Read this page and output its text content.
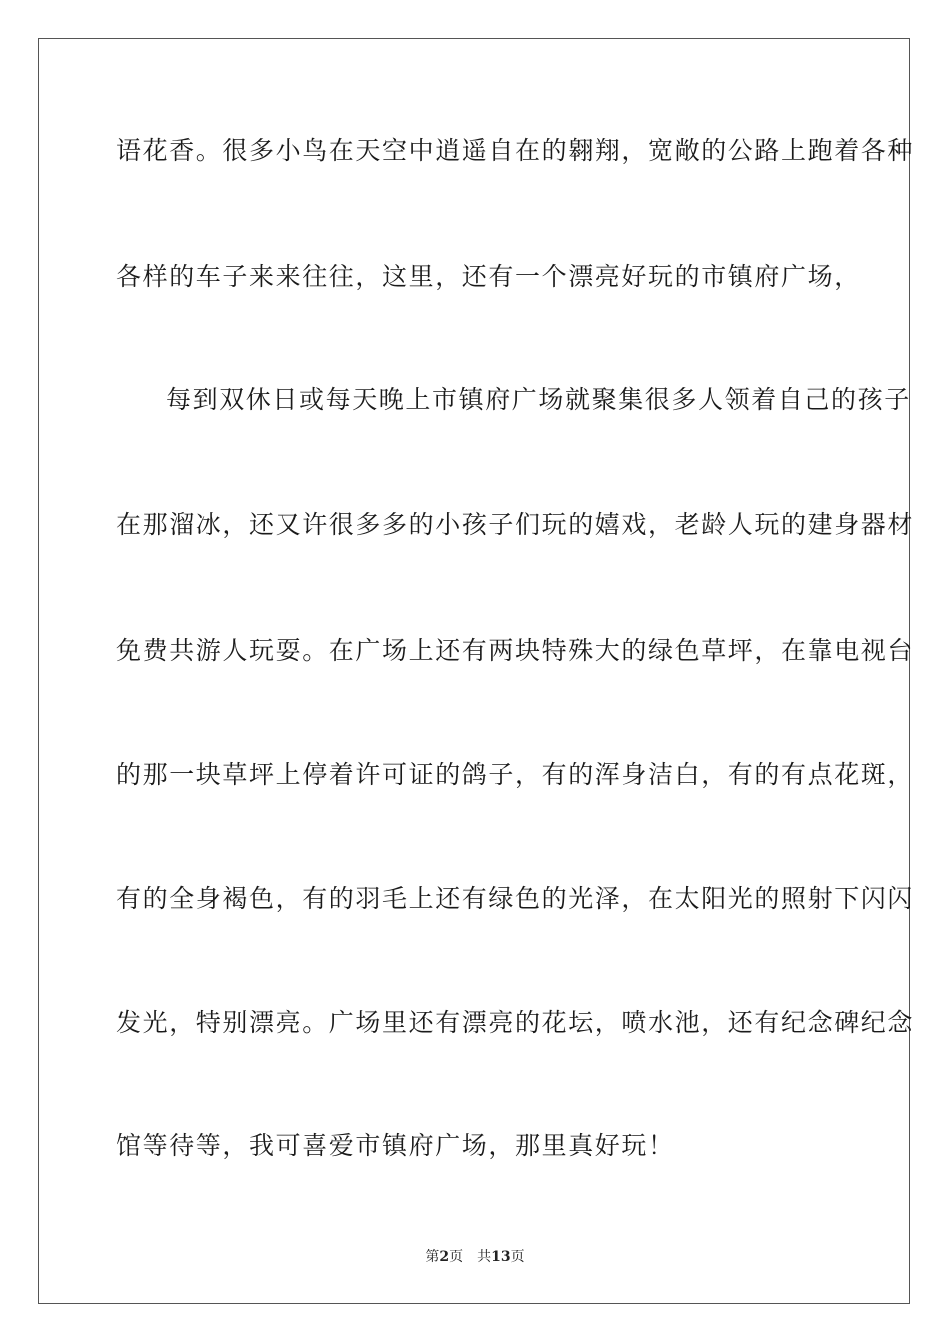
语花香。很多小鸟在天空中逍遥自在的翱翔，宽敞的公路上跑着各种
各样的车子来来往往，这里，还有一个漂亮好玩的市镇府广场，
每到双休日或每天晚上市镇府广场就聚集很多人领着自己的孩子
在那溜冰，还又许很多多的小孩子们玩的嬉戏，老龄人玩的建身器材
免费共游人玩耍。在广场上还有两块特殊大的绿色草坪，在靠电视台
的那一块草坪上停着许可证的鸽子，有的浑身洁白，有的有点花斑，
有的全身褐色，有的羽毛上还有绿色的光泽，在太阳光的照射下闪闪
发光，特别漂亮。广场里还有漂亮的花坛，喷水池，还有纪念碑纪念
馆等待等，我可喜爱市镇府广场，那里真好玩！
第2页 共13页
